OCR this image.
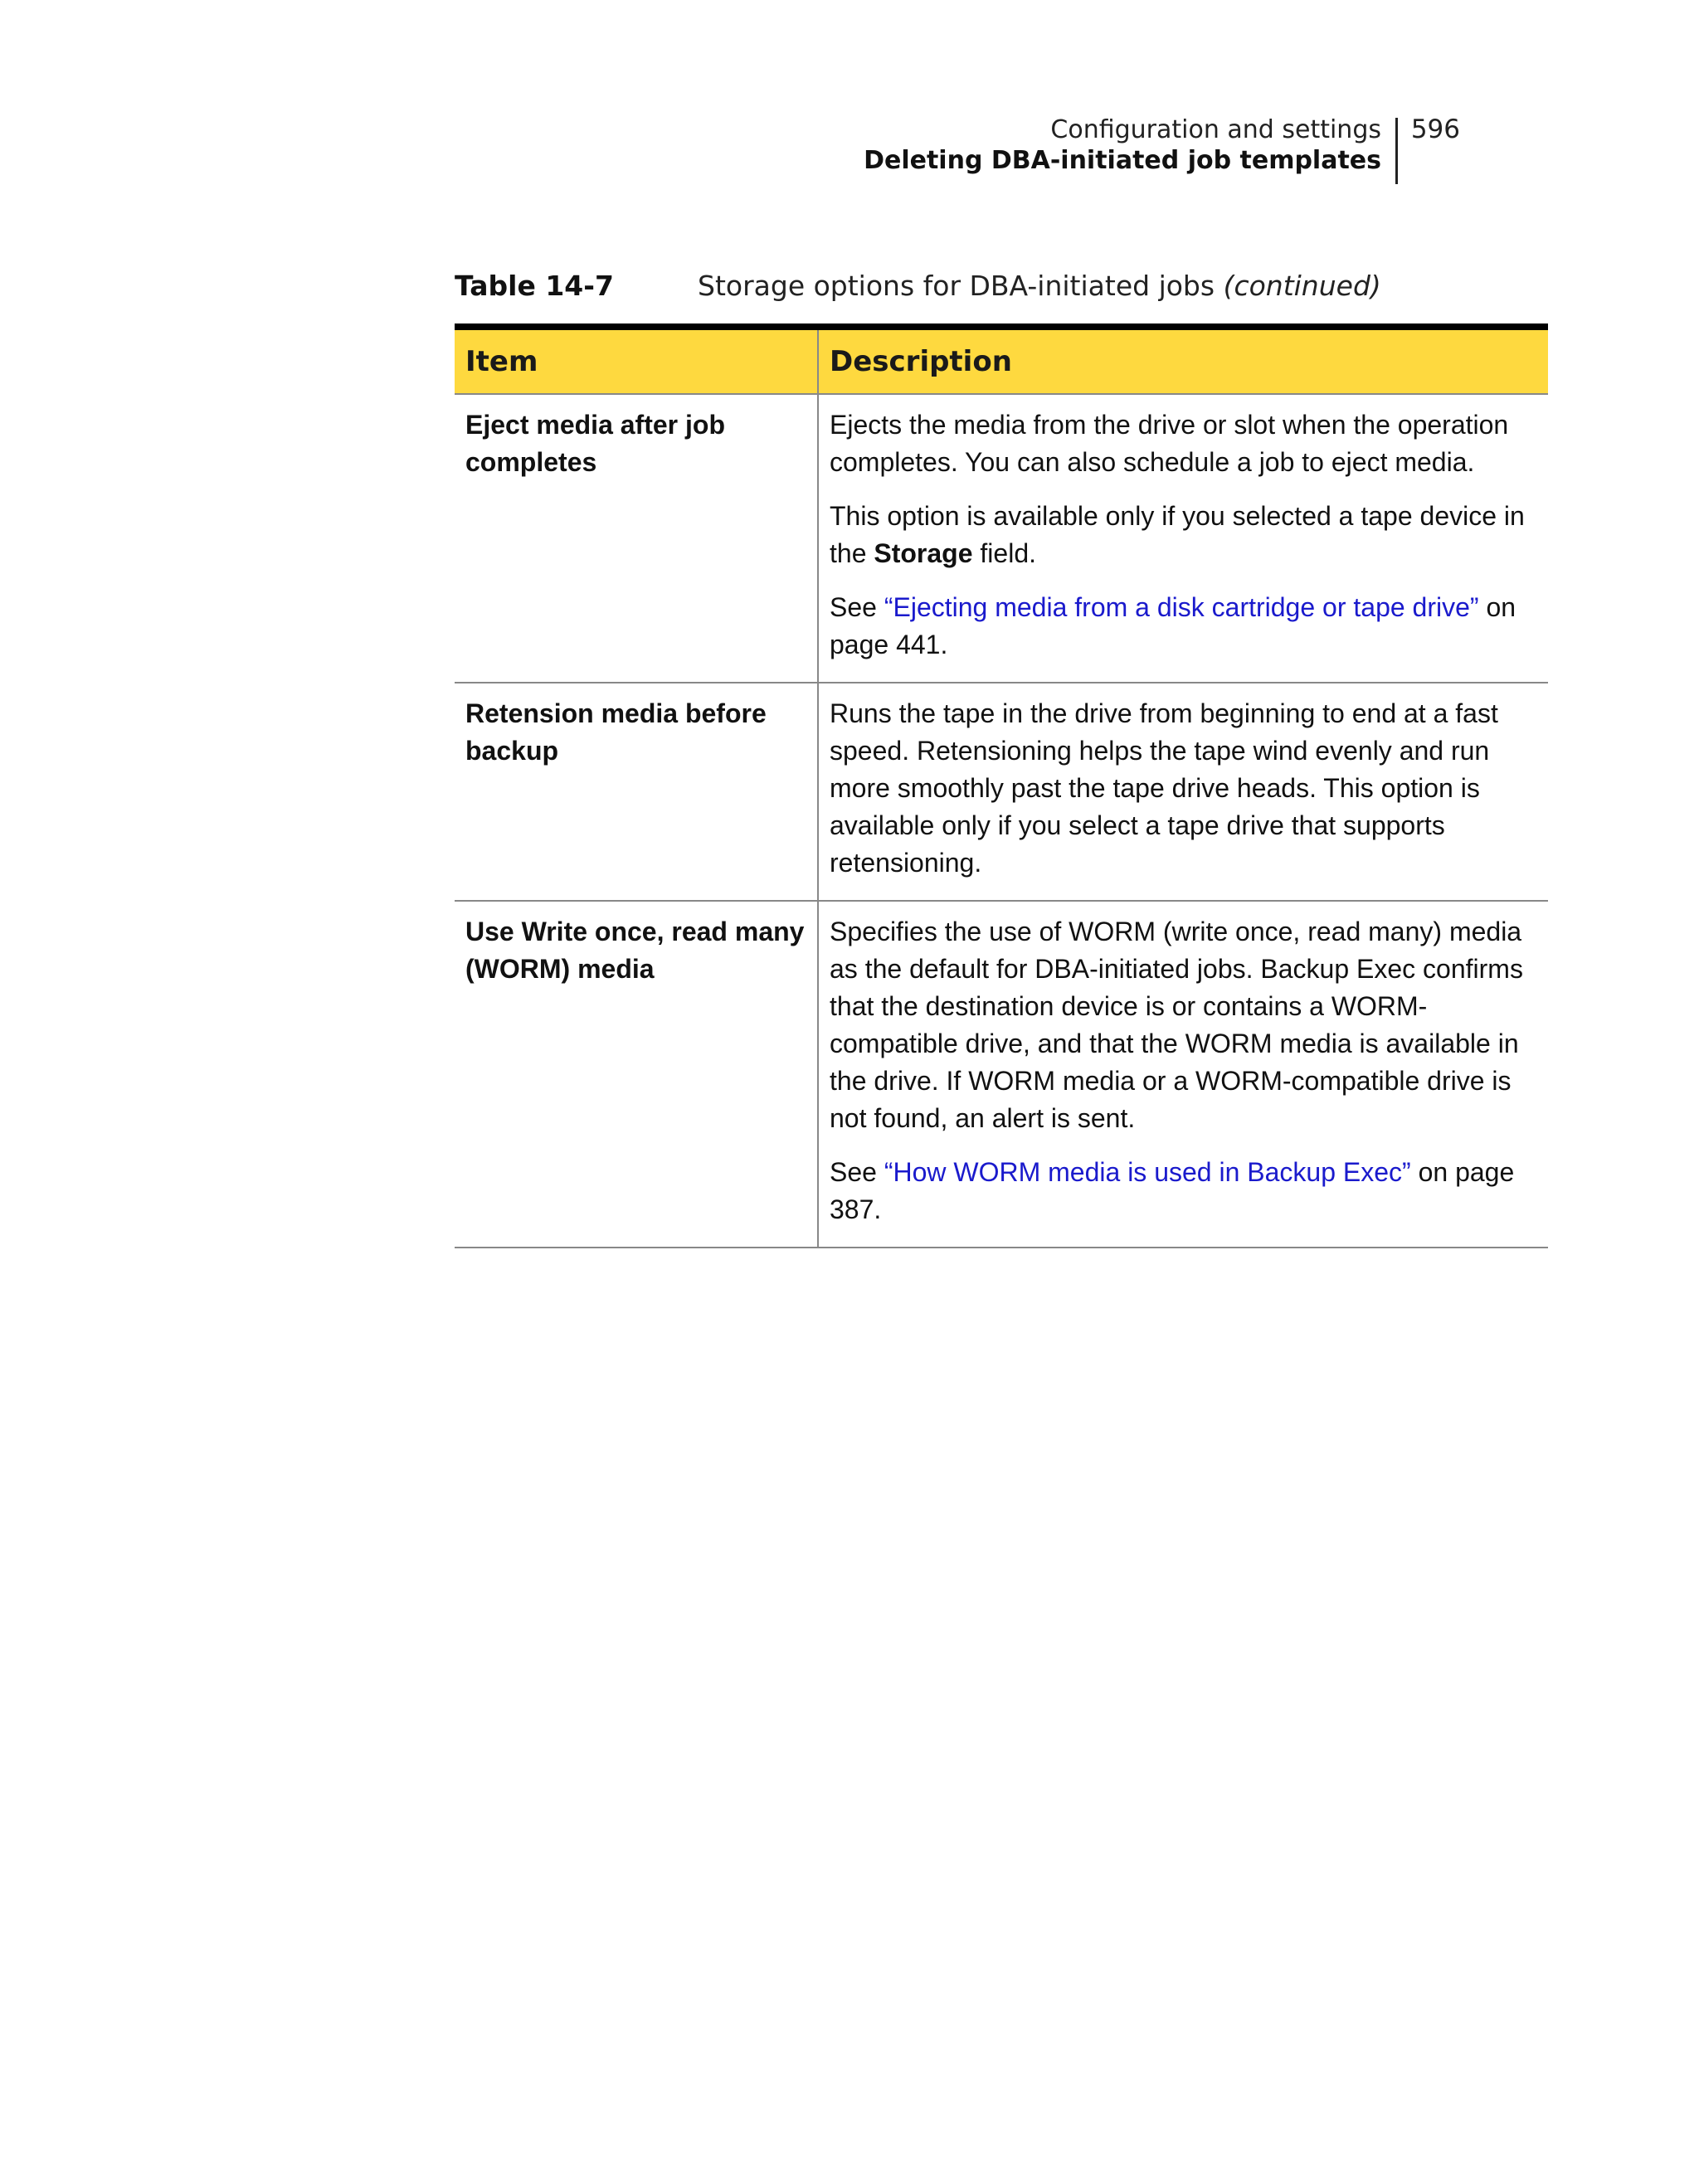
Configuration and settings
Deleting DBA-initiated job templates
596
Table 14-7	Storage options for DBA-initiated jobs (continued)
Item	Description
Eject media after job completes	Ejects the media from the drive or slot when the operation completes. You can also schedule a job to eject media.

This option is available only if you selected a tape device in the Storage field.

See “Ejecting media from a disk cartridge or tape drive” on page 441.

Retension media before backup	Runs the tape in the drive from beginning to end at a fast speed. Retensioning helps the tape wind evenly and run more smoothly past the tape drive heads. This option is available only if you select a tape drive that supports retensioning.

Use Write once, read many (WORM) media	Specifies the use of WORM (write once, read many) media as the default for DBA-initiated jobs. Backup Exec confirms that the destination device is or contains a WORM-compatible drive, and that the WORM media is available in the drive. If WORM media or a WORM-compatible drive is not found, an alert is sent.

See “How WORM media is used in Backup Exec” on page 387.
